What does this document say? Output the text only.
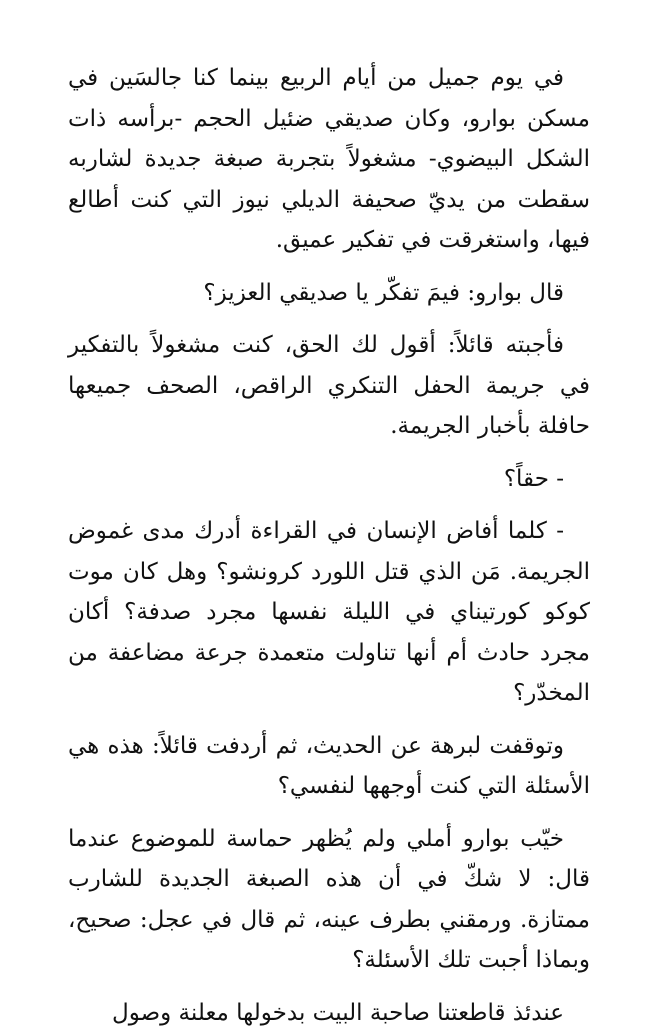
في يوم جميل من أيام الربيع بينما كنا جالسَين في مسكن بوارو، وكان صديقي ضئيل الحجم -برأسه ذات الشكل البيضوي- مشغولاً بتجربة صبغة جديدة لشاربه سقطت من يديّ صحيفة الديلي نيوز التي كنت أطالع فيها، واستغرقت في تفكير عميق.

قال بوارو: فيمَ تفكّر يا صديقي العزيز؟

فأجبته قائلاً: أقول لك الحق، كنت مشغولاً بالتفكير في جريمة الحفل التنكري الراقص، الصحف جميعها حافلة بأخبار الجريمة.

- حقاً؟

- كلما أفاض الإنسان في القراءة أدرك مدى غموض الجريمة. مَن الذي قتل اللورد كرونشو؟ وهل كان موت كوكو كورتيناي في الليلة نفسها مجرد صدفة؟ أكان مجرد حادث أم أنها تناولت متعمدة جرعة مضاعفة من المخدّر؟

وتوقفت لبرهة عن الحديث، ثم أردفت قائلاً: هذه هي الأسئلة التي كنت أوجهها لنفسي؟

خيّب بوارو أملي ولم يُظهر حماسة للموضوع عندما قال: لا شكّ في أن هذه الصبغة الجديدة للشارب ممتازة. ورمقني بطرف عينه، ثم قال في عجل: صحيح، وبماذا أجبت تلك الأسئلة؟

عندئذ قاطعتنا صاحبة البيت بدخولها معلنة وصول
